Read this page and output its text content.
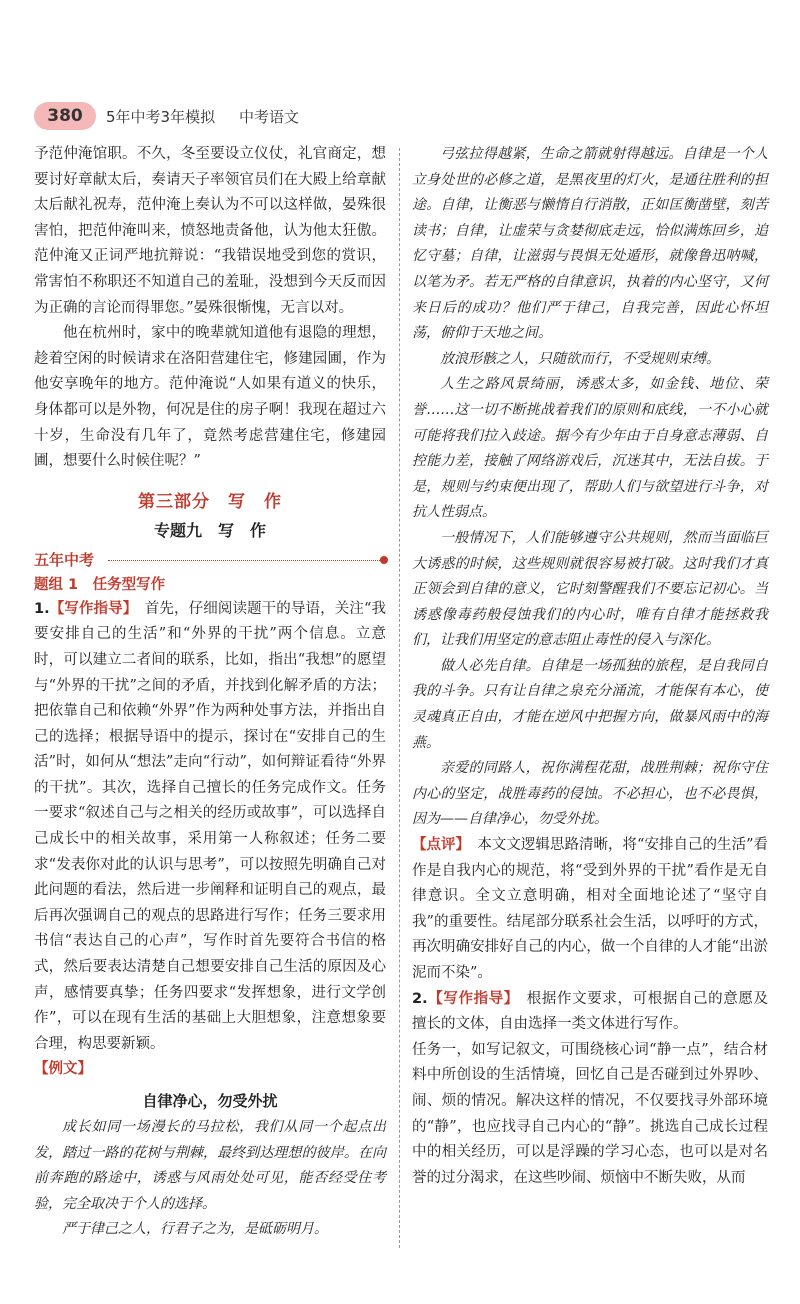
380	5年中考3年模拟 中考语文

予范仲淹馆职。不久，冬至要设立仪仗，礼官商定，想要讨好章献太后，奏请天子率领官员们在大殿上给章献太后献礼祝寿，范仲淹上奏认为不可以这样做，晏殊很害怕，把范仲淹叫来，愤怒地责备他，认为他太狂傲。范仲淹又正词严地抗辩说：“我错误地受到您的赏识，常害怕不称职还不知道自己的羞耻，没想到今天反而因为正确的言论而得罪您。”晏殊很惭愧，无言以对。

他在杭州时，家中的晚辈就知道他有退隐的理想，趁着空闲的时候请求在洛阳营建住宅，修建园圃，作为他安享晚年的地方。范仲淹说“人如果有道义的快乐，身体都可以是外物，何况是住的房子啊！我现在超过六十岁，生命没有几年了，竟然考虑营建住宅，修建园圃，想要什么时候住呢？”

第三部分　写　作
专题九　写　作
五年中考
题组 1　任务型写作

1.【写作指导】　 首先，仔细阅读题干的导语，关注“我要安排自己的生活”和“外界的干扰”两个信息。立意时，可以建立二者间的联系，比如，指出“我想”的愿望与“外界的干扰”之间的矛盾，并找到化解矛盾的方法；把依靠自己和依赖“外界”作为两种处事方法，并指出自己的选择；根据导语中的提示，探讨在“安排自己的生活”时，如何从“想法”走向“行动”，如何辩证看待“外界的干扰”。其次，选择自己擅长的任务完成作文。任务一要求“叙述自己与之相关的经历或故事”，可以选择自己成长中的相关故事，采用第一人称叙述；任务二要求“发表你对此的认识与思考”，可以按照先明确自己对此问题的看法，然后进一步阐释和证明自己的观点，最后再次强调自己的观点的思路进行写作；任务三要求用书信“表达自己的心声”，写作时首先要符合书信的格式，然后要表达清楚自己想要安排自己生活的原因及心声，感情要真挚；任务四要求“发挥想象，进行文学创作”，可以在现有生活的基础上大胆想象，注意想象要合理，构思要新颖。

【例文】

自律净心，勿受外扰

成长如同一场漫长的马拉松，我们从同一个起点出发，踏过一路的花树与荆棘，最终到达理想的彼岸。在向前奔跑的路途中，诱惑与风雨处处可见，能否经受住考验，完全取决于个人的选择。

严于律己之人，行君子之为，是砥砺明月。

弓弦拉得越紧，生命之箭就射得越远。自律是一个人立身处世的必修之道，是黑夜里的灯火，是通往胜利的担途。自律，让衡恶与懒惰自行消散，正如匡衡凿壁，刻苦读书；自律，让虚荣与贪婪彻底走远，恰似满炼回乡，追忆守墓；自律，让滋弱与畏惧无处遁形，就像鲁迅呐喊，以笔为矛。若无严格的自律意识，执着的内心坚守，又何来日后的成功？他们严于律己，自我完善，因此心怀坦荡，俯仰于天地之间。

放浪形骸之人，只随欲而行，不受规则束缚。

人生之路风景绮丽，诱惑太多，如金钱、地位、荣誉……这一切不断挑战着我们的原则和底线，一不小心就可能将我们拉入歧途。据今有少年由于自身意志薄弱、自控能力差，接触了网络游戏后，沉迷其中，无法自拔。于是，规则与约束便出现了，帮助人们与欲望进行斗争，对抗人性弱点。

一般情况下，人们能够遵守公共规则，然而当面临巨大诱惑的时候，这些规则就很容易被打破。这时我们才真正领会到自律的意义，它时刻警醒我们不要忘记初心。当诱惑像毒药般侵蚀我们的内心时，唯有自律才能拯救我们，让我们用坚定的意志阻止毒性的侵入与深化。

做人必先自律。自律是一场孤独的旅程，是自我同自我的斗争。只有让自律之泉充分涌流，才能保有本心，使灵魂真正自由，才能在逆风中把握方向，做暴风雨中的海燕。

亲爱的同路人，祝你满程花甜，战胜荆棘；祝你守住内心的坚定，战胜毒药的侵蚀。不必担心，也不必畏惧，因为——自律净心，勿受外扰。

【点评】　 本文文逻辑思路清晰，将“安排自己的生活”看作是自我内心的规范，将“受到外界的干扰”看作是无自律意识。全文立意明确，相对全面地论述了“坚守自我”的重要性。结尾部分联系社会生活，以呼吁的方式，再次明确安排好自己的内心，做一个自律的人才能“出淤泥而不染”。

2.【写作指导】　 根据作文要求，可根据自己的意愿及擅长的文体，自由选择一类文体进行写作。

任务一，如写记叙文，可围绕核心词“静一点”，结合材料中所创设的生活情境，回忆自己是否碰到过外界吵、闹、烦的情况。解决这样的情况，不仅要找寻外部环境的“静”，也应找寻自己内心的“静”。挑选自己成长过程中的相关经历，可以是浮躁的学习心态，也可以是对名誉的过分渴求，在这些吵闹、烦恼中不断失败，从而
